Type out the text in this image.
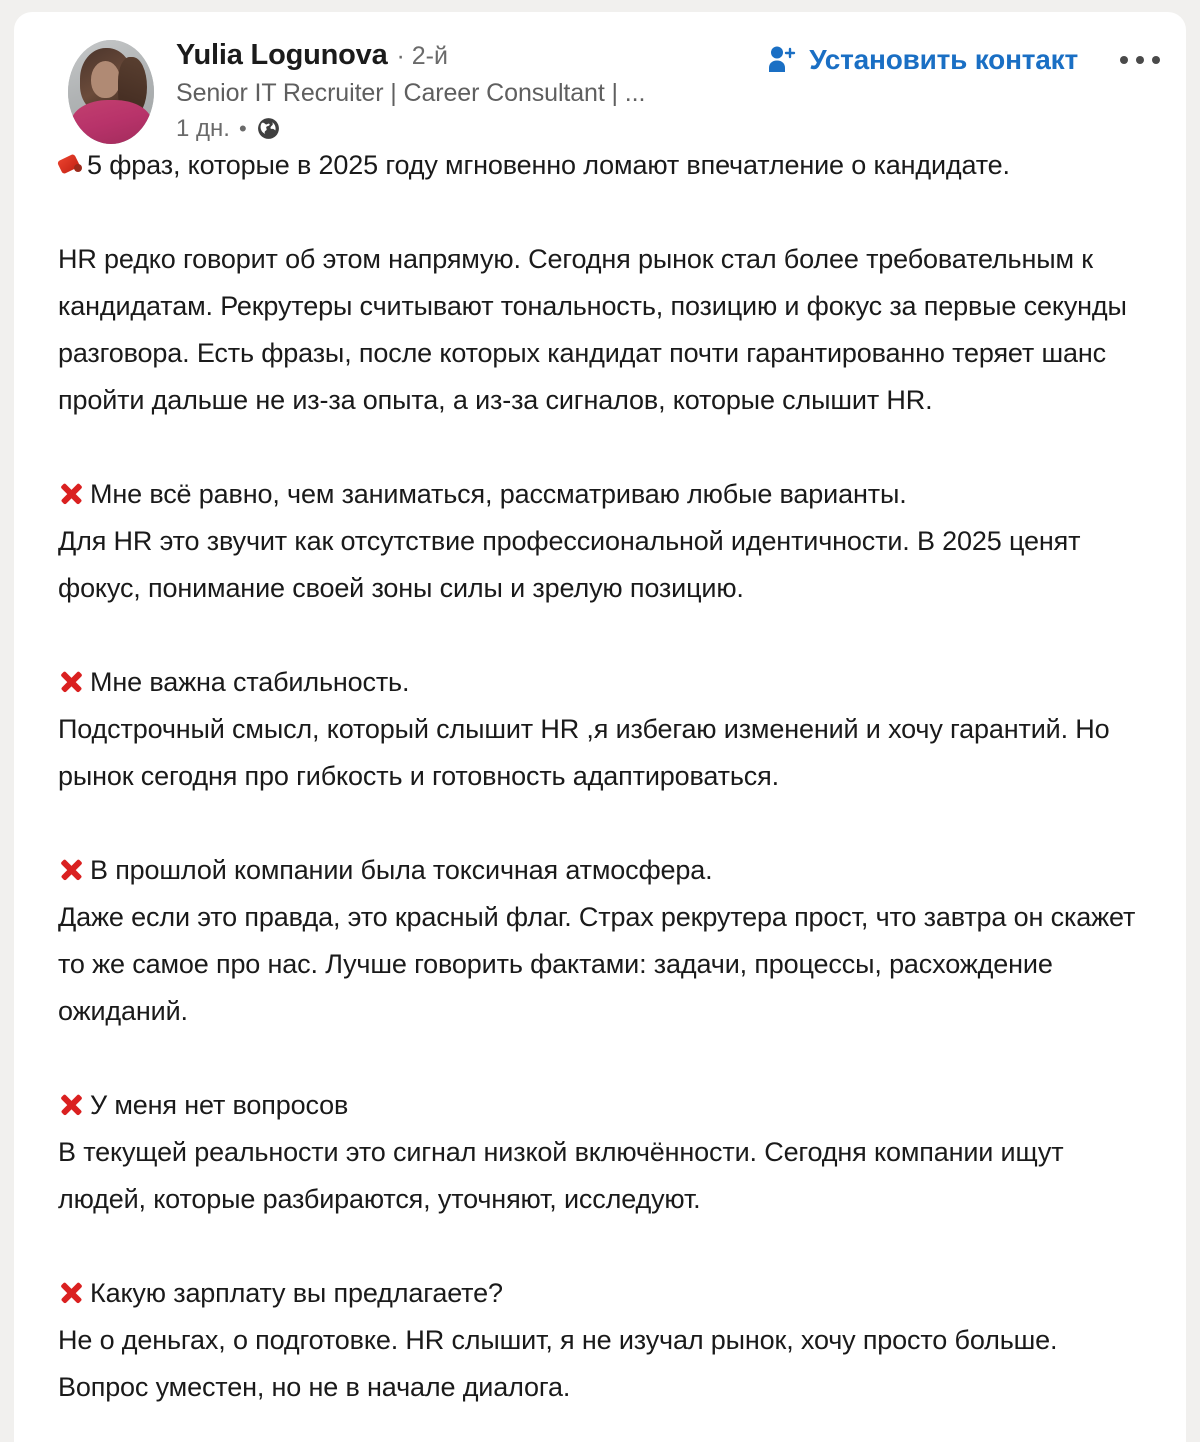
Yulia Logunova · 2-й
Senior IT Recruiter | Career Consultant | ...
1 дн. •
Установить контакт

5 фраз, которые в 2025 году мгновенно ломают впечатление о кандидате.

HR редко говорит об этом напрямую. Сегодня рынок стал более требовательным к кандидатам. Рекрутеры считывают тональность, позицию и фокус за первые секунды разговора. Есть фразы, после которых кандидат почти гарантированно теряет шанс пройти дальше не из-за опыта, а из-за сигналов, которые слышит HR.

Мне всё равно, чем заниматься, рассматриваю любые варианты.

Для HR это звучит как отсутствие профессиональной идентичности. В 2025 ценят фокус, понимание своей зоны силы и зрелую позицию.

Мне важна стабильность.

Подстрочный смысл, который слышит HR ,я избегаю изменений и хочу гарантий. Но рынок сегодня про гибкость и готовность адаптироваться.

В прошлой компании была токсичная атмосфера.

Даже если это правда, это красный флаг. Страх рекрутера прост, что завтра он скажет то же самое про нас. Лучше говорить фактами: задачи, процессы, расхождение ожиданий.

У меня нет вопросов

В текущей реальности это сигнал низкой включённости. Сегодня компании ищут людей, которые разбираются, уточняют, исследуют.

Какую зарплату вы предлагаете?

Не о деньгах, о подготовке. HR слышит, я не изучал рынок, хочу просто больше. Вопрос уместен, но не в начале диалога.
